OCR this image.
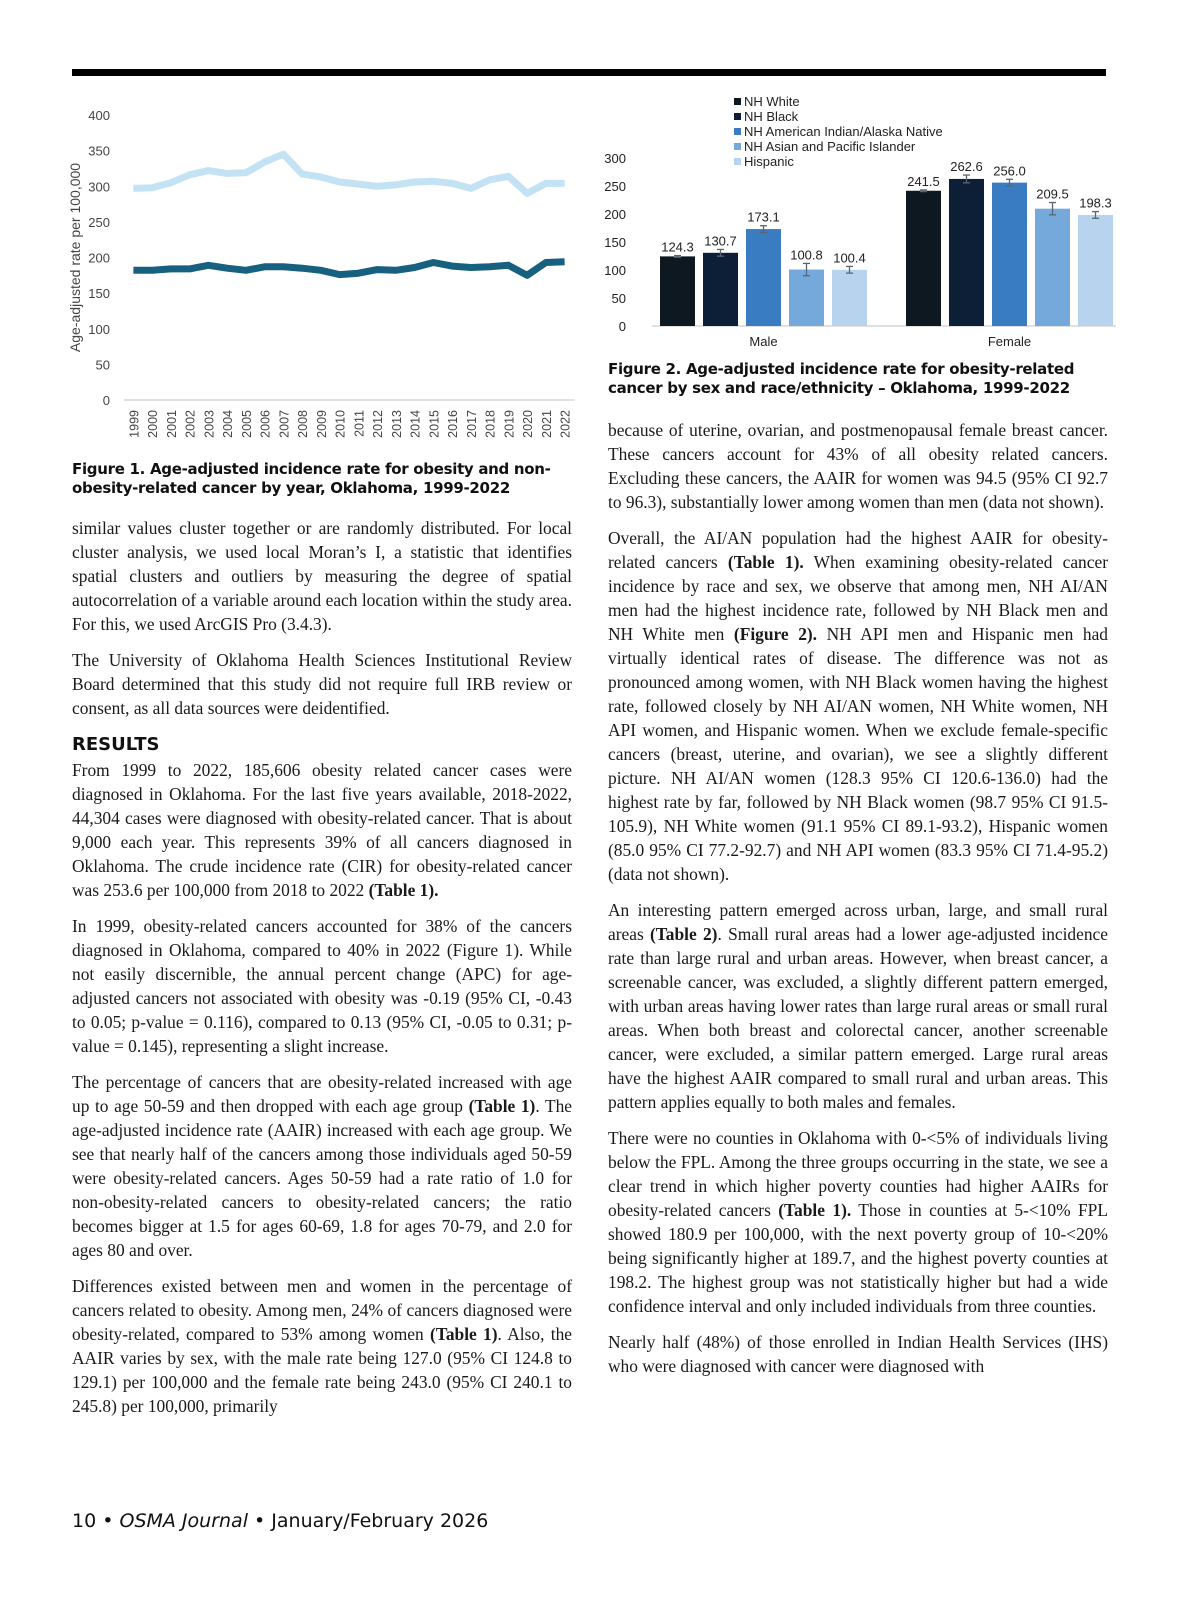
Age-adjusted rate per 100,000
0
50
100
150
200
250
300
350
400
1999 2000 2001 2002 2003 2004 2005 2006 2007 2008 2009 2010 2011 2012 2013 2014 2015 2016 2017 2018 2019 2020 2021 2022
Figure 1. Age-adjusted incidence rate for obesity and non-obesity-related cancer by year, Oklahoma, 1999-2022
0
50
100
150
200
250
300
NH White
NH Black
NH American Indian/Alaska Native
NH Asian and Pacific Islander
Hispanic
124.3 130.7
173.1
100.8 100.4
Male
241.5
262.6 256.0
209.5
198.3
Female
Figure 2. Age-adjusted incidence rate for obesity-related cancer by sex and race/ethnicity – Oklahoma, 1999-2022

similar values cluster together or are randomly distributed. For local cluster analysis, we used local Moran’s I, a statistic that identifies spatial clusters and outliers by measuring the degree of spatial autocorrelation of a variable around each location within the study area. For this, we used ArcGIS Pro (3.4.3).

The University of Oklahoma Health Sciences Institutional Review Board determined that this study did not require full IRB review or consent, as all data sources were deidentified.

RESULTS

From 1999 to 2022, 185,606 obesity related cancer cases were diagnosed in Oklahoma. For the last five years available, 2018-2022, 44,304 cases were diagnosed with obesity-related cancer. That is about 9,000 each year. This represents 39% of all cancers diagnosed in Oklahoma. The crude incidence rate (CIR) for obesity-related cancer was 253.6 per 100,000 from 2018 to 2022 (Table 1).

In 1999, obesity-related cancers accounted for 38% of the cancers diagnosed in Oklahoma, compared to 40% in 2022 (Figure 1). While not easily discernible, the annual percent change (APC) for age-adjusted cancers not associated with obesity was -0.19 (95% CI, -0.43 to 0.05; p-value = 0.116), compared to 0.13 (95% CI, -0.05 to 0.31; p-value = 0.145), representing a slight increase.

The percentage of cancers that are obesity-related increased with age up to age 50-59 and then dropped with each age group (Table 1). The age-adjusted incidence rate (AAIR) increased with each age group. We see that nearly half of the cancers among those individuals aged 50-59 were obesity-related cancers. Ages 50-59 had a rate ratio of 1.0 for non-obesity-related cancers to obesity-related cancers; the ratio becomes bigger at 1.5 for ages 60-69, 1.8 for ages 70-79, and 2.0 for ages 80 and over.

Differences existed between men and women in the percentage of cancers related to obesity. Among men, 24% of cancers diagnosed were obesity-related, compared to 53% among women (Table 1). Also, the AAIR varies by sex, with the male rate being 127.0 (95% CI 124.8 to 129.1) per 100,000 and the female rate being 243.0 (95% CI 240.1 to 245.8) per 100,000, primarily

because of uterine, ovarian, and postmenopausal female breast cancer. These cancers account for 43% of all obesity related cancers. Excluding these cancers, the AAIR for women was 94.5 (95% CI 92.7 to 96.3), substantially lower among women than men (data not shown).

Overall, the AI/AN population had the highest AAIR for obesity-related cancers (Table 1). When examining obesity-related cancer incidence by race and sex, we observe that among men, NH AI/AN men had the highest incidence rate, followed by NH Black men and NH White men (Figure 2). NH API men and Hispanic men had virtually identical rates of disease. The difference was not as pronounced among women, with NH Black women having the highest rate, followed closely by NH AI/AN women, NH White women, NH API women, and Hispanic women. When we exclude female-specific cancers (breast, uterine, and ovarian), we see a slightly different picture. NH AI/AN women (128.3 95% CI 120.6-136.0) had the highest rate by far, followed by NH Black women (98.7 95% CI 91.5-105.9), NH White women (91.1 95% CI 89.1-93.2), Hispanic women (85.0 95% CI 77.2-92.7) and NH API women (83.3 95% CI 71.4-95.2) (data not shown).

An interesting pattern emerged across urban, large, and small rural areas (Table 2). Small rural areas had a lower age-adjusted incidence rate than large rural and urban areas. However, when breast cancer, a screenable cancer, was excluded, a slightly different pattern emerged, with urban areas having lower rates than large rural areas or small rural areas. When both breast and colorectal cancer, another screenable cancer, were excluded, a similar pattern emerged. Large rural areas have the highest AAIR compared to small rural and urban areas. This pattern applies equally to both males and females.

There were no counties in Oklahoma with 0-<5% of individuals living below the FPL. Among the three groups occurring in the state, we see a clear trend in which higher poverty counties had higher AAIRs for obesity-related cancers (Table 1). Those in counties at 5-<10% FPL showed 180.9 per 100,000, with the next poverty group of 10-<20% being significantly higher at 189.7, and the highest poverty counties at 198.2. The highest group was not statistically higher but had a wide confidence interval and only included individuals from three counties.

Nearly half (48%) of those enrolled in Indian Health Services (IHS) who were diagnosed with cancer were diagnosed with

10 • OSMA Journal • January/February 2026
